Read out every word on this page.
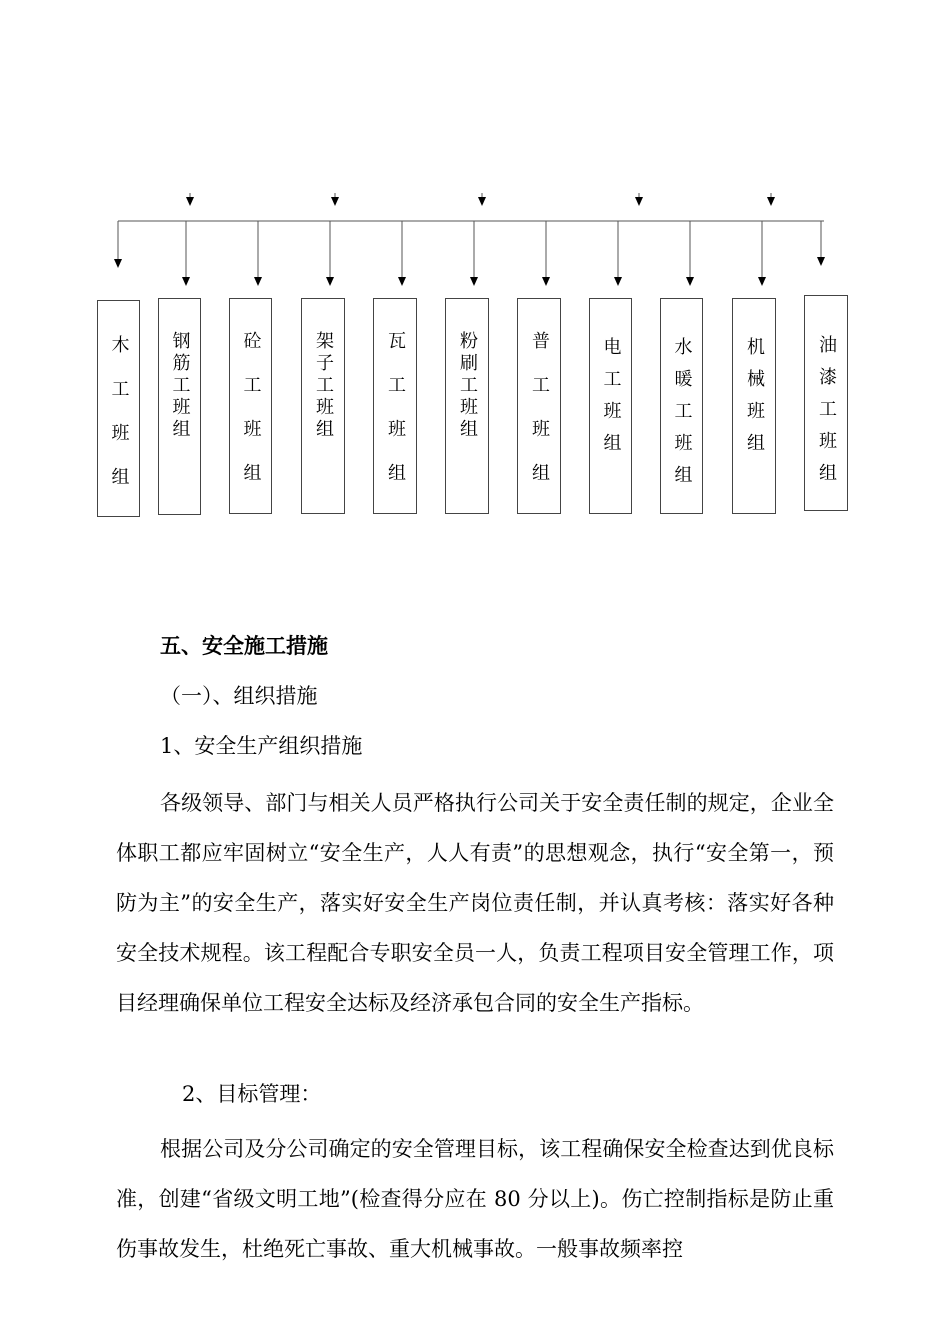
木工班组 钢筋工班组	砼工班组	架子工班组	瓦工班组	粉刷工班组	普工班组	电工班组	水暖工班组	机械班组	油漆工班组
五、安全施工措施
（一）、组织措施
1、安全生产组织措施

各级领导、部门与相关人员严格执行公司关于安全责任制的规定，企业全体职工都应牢固树立“安全生产，人人有责”的思想观念，执行“安全第一，预防为主”的安全生产，落实好安全生产岗位责任制，并认真考核：落实好各种安全技术规程。该工程配合专职安全员一人，负责工程项目安全管理工作，项目经理确保单位工程安全达标及经济承包合同的安全生产指标。

2、目标管理：

根据公司及分公司确定的安全管理目标，该工程确保安全检查达到优良标准，创建“省级文明工地”(检查得分应在 80 分以上)。伤亡控制指标是防止重伤事故发生，杜绝死亡事故、重大机械事故。一般事故频率控
